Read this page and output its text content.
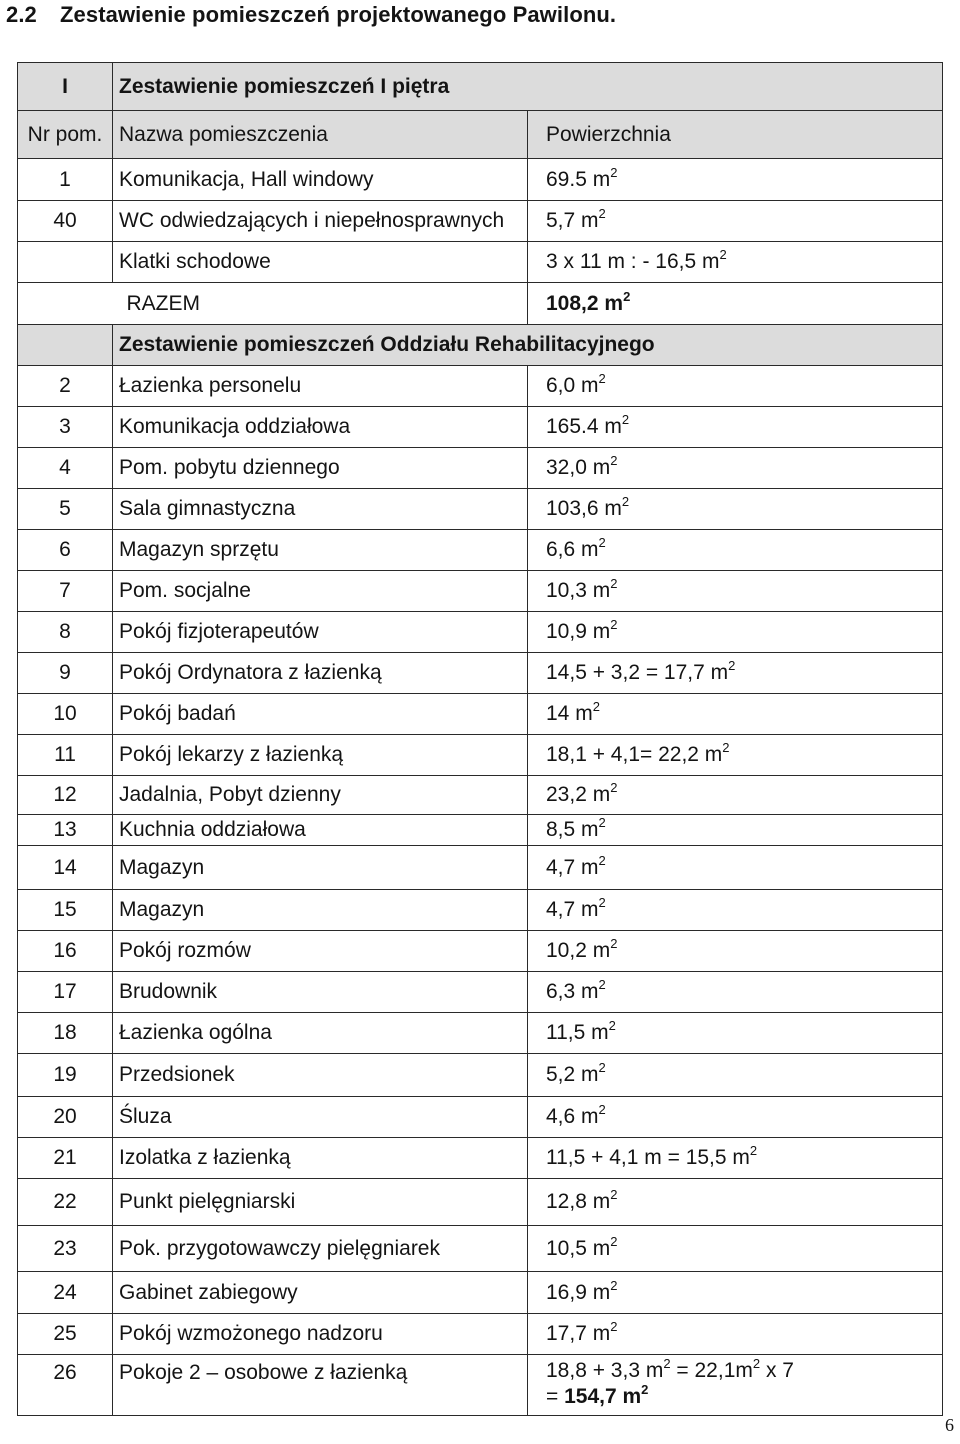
2.2 Zestawienie pomieszczeń projektowanego Pawilonu.
I	Zestawienie pomieszczeń I piętra	
Nr pom.	Nazwa pomieszczenia	Powierzchnia
1	Komunikacja, Hall windowy	69.5 $m^2$
40	WC odwiedzających i niepełnosprawnych	5,7 $m^2$
	Klatki schodowe	3 x 11 m : - 16,5 $m^2$
	RAZEM	108,2 $m^2$
	Zestawienie pomieszczeń Oddziału Rehabilitacyjnego	
2	Łazienka personelu	6,0 $m^2$
3	Komunikacja oddziałowa	165.4 $m^2$
4	Pom. pobytu dziennego	32,0 $m^2$
5	Sala gimnastyczna	103,6 $m^2$
6	Magazyn sprzętu	6,6 $m^2$
7	Pom. socjalne	10,3 $m^2$
8	Pokój fizjoterapeutów	10,9 $m^2$
9	Pokój Ordynatora z łazienką	14,5 + 3,2 = 17,7 $m^2$
10	Pokój badań	14 $m^2$
11	Pokój lekarzy z łazienką	18,1 + 4,1= 22,2 $m^2$
12	Jadalnia, Pobyt dzienny	23,2 $m^2$
13	Kuchnia oddziałowa	8,5 $m^2$
14	Magazyn	4,7 $m^2$
15	Magazyn	4,7 $m^2$
16	Pokój rozmów	10,2 $m^2$
17	Brudownik	6,3 $m^2$
18	Łazienka ogólna	11,5 $m^2$
19	Przedsionek	5,2 $m^2$
20	Śluza	4,6 $m^2$
21	Izolatka z łazienką	11,5 + 4,1 m = 15,5 $m^2$
22	Punkt pielęgniarski	12,8 $m^2$
23	Pok. przygotowawczy pielęgniarek	10,5 $m^2$
24	Gabinet zabiegowy	16,9 $m^2$
25	Pokój wzmożonego nadzoru	17,7 $m^2$
26	Pokoje 2 – osobowe z łazienką	18,8 + 3,3 $m^2 = 22,1m^2$ x 7
= 154,7 $m^2$
6
